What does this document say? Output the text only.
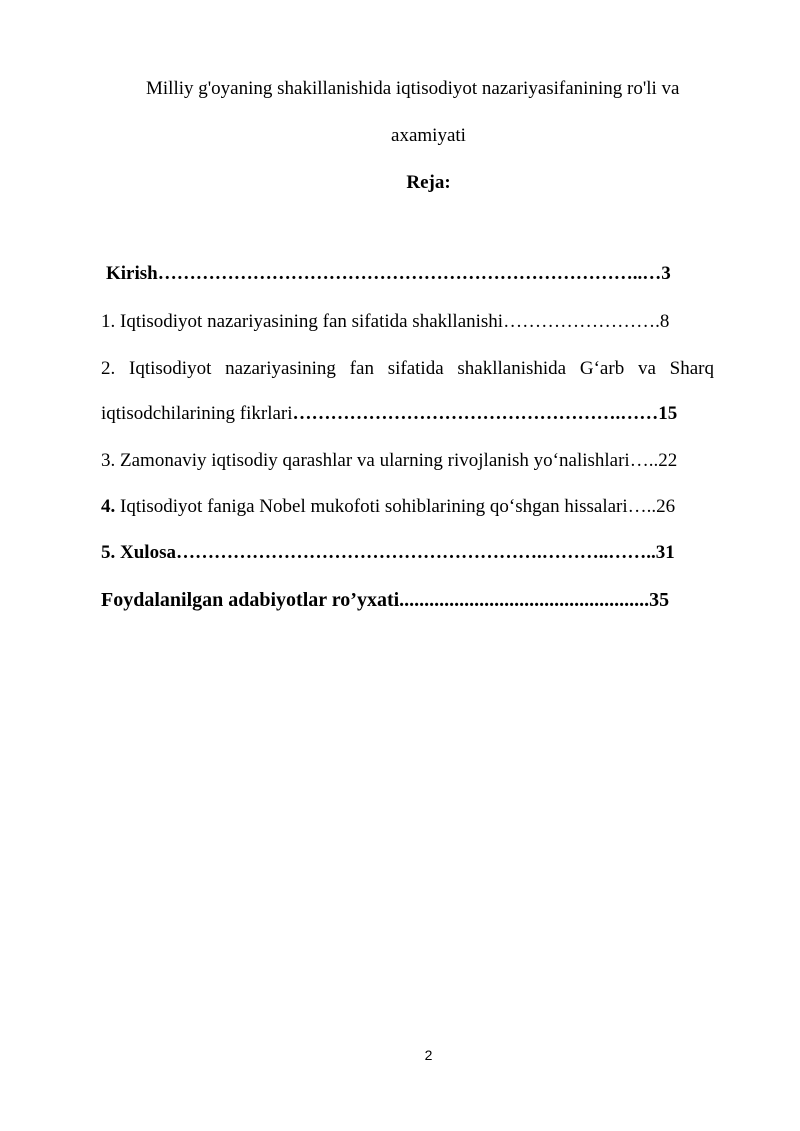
Milliy g'oyaning shakillanishida iqtisodiyot nazariyasifanining ro'li va
axamiyati
Reja:
Kirish…………………………………………………………………..…3
1. Iqtisodiyot nazariyasining fan sifatida shakllanishi…………………….8
2. Iqtisodiyot nazariyasining fan sifatida shakllanishida G‘arb va Sharq
iqtisodchilarining fikrlari…………………………………………….……15
3. Zamonaviy iqtisodiy qarashlar va ularning rivojlanish yo‘nalishlari…..22
4. Iqtisodiyot faniga Nobel mukofoti sohiblarining qo‘shgan hissalari…..26
5. Xulosa………………………………………………….………..……..31
Foydalanilgan adabiyotlar ro’yxati..................................................35
2
